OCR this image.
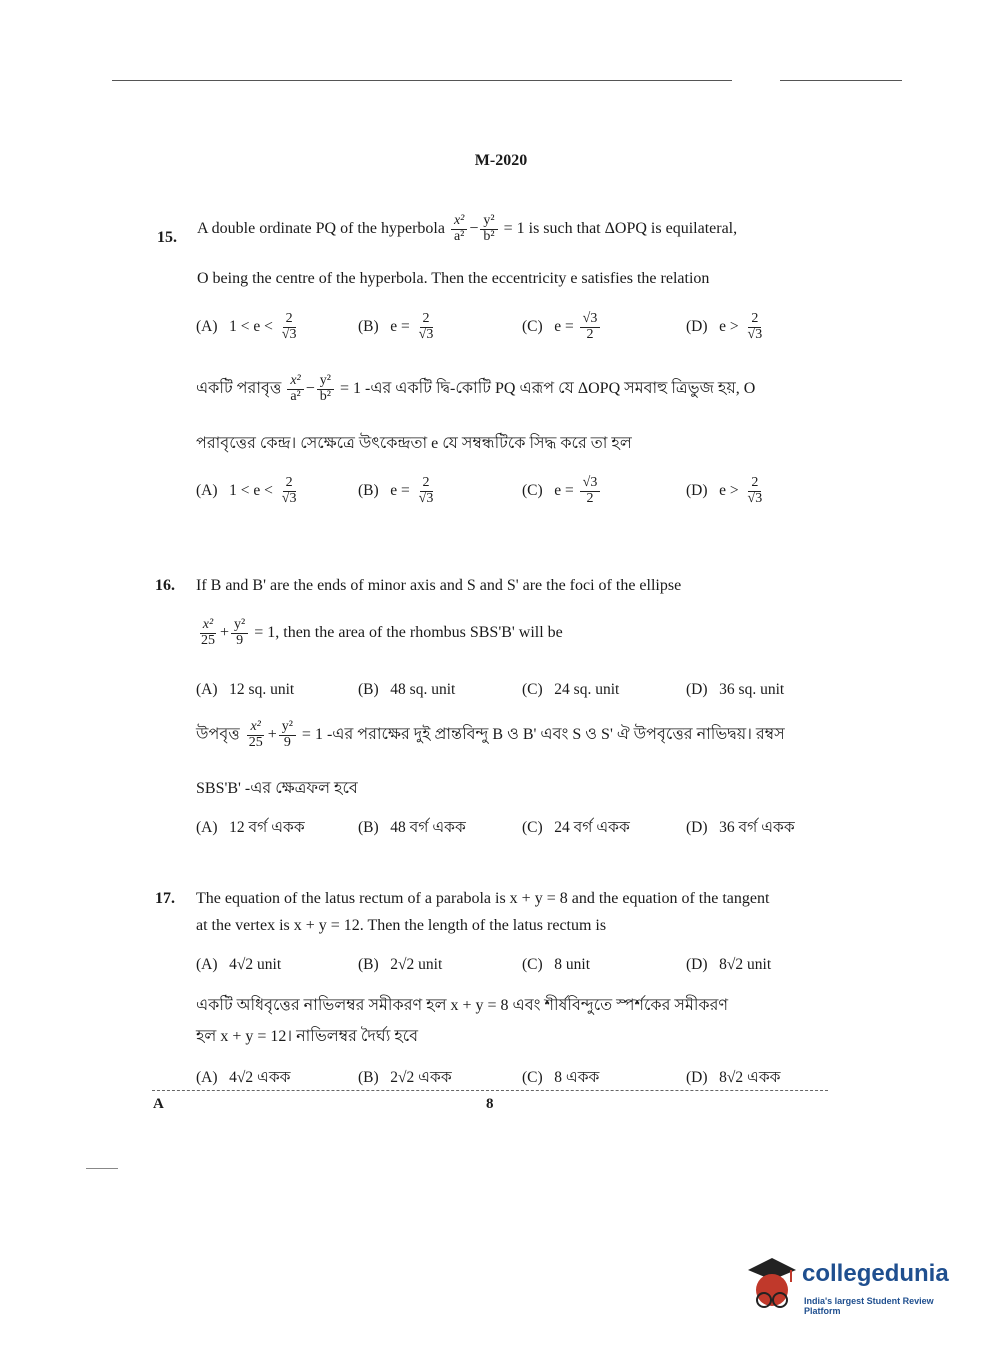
M-2020
15.
A double ordinate PQ of the hyperbola $\frac{\text{x²}}{\text{a²}} - \frac{\text{y²}}{\text{b²}} = 1$ is such that ΔOPQ is equilateral,
O being the centre of the hyperbola. Then the eccentricity e satisfies the relation
(A) $1 < e < \frac{2}{√3}$	(B) $e = \frac{2}{√3}$	(C) $e = \frac{√3}{2}$	(D) $e > \frac{2}{√3}$
একটি পরাবৃত্ত $\frac{\text{x²}}{\text{a²}} - \frac{\text{y²}}{\text{b²}} = 1$ -এর একটি দ্বি-কোটি PQ এরূপ যে ΔOPQ সমবাহু ত্রিভুজ হয়, O
পরাবৃত্তের কেন্দ্র। সেক্ষেত্রে উৎকেন্দ্রতা e যে সম্বন্ধটিকে সিদ্ধ করে তা হল
(A) $1 < e < \frac{2}{√3}$	(B) $e = \frac{2}{√3}$	(C) $e = \frac{√3}{2}$	(D) $e > \frac{2}{√3}$
16. If B and B' are the ends of minor axis and S and S' are the foci of the ellipse
$\frac{\text{x²}}{25} + \frac{\text{y²}}{9} = 1$, then the area of the rhombus SBS'B' will be
(A) 12 sq. unit	(B) 48 sq. unit	(C) 24 sq. unit	(D) 36 sq. unit
উপবৃত্ত $\frac{\text{x²}}{25} + \frac{\text{y²}}{9} = 1$ -এর পরাক্ষের দুই প্রান্তবিন্দু B ও B' এবং S ও S' ঐ উপবৃত্তের নাভিদ্বয়। রম্বস
SBS'B' -এর ক্ষেত্রফল হবে
(A) 12 বর্গ একক	(B) 48 বর্গ একক	(C) 24 বর্গ একক	(D) 36 বর্গ একক
17. The equation of the latus rectum of a parabola is x + y = 8 and the equation of the tangent
at the vertex is x + y = 12. Then the length of the latus rectum is
(A) 4√2 unit	(B) 2√2 unit	(C) 8 unit	(D) 8√2 unit
একটি অধিবৃত্তের নাভিলম্বর সমীকরণ হল x + y = 8 এবং শীর্ষবিন্দুতে স্পর্শকের সমীকরণ
হল x + y = 12। নাভিলম্বর দৈর্ঘ্য হবে
(A) 4√2 একক	(B) 2√2 একক	(C) 8 একক	(D) 8√2 একক
A	8
collegedunia
India's largest Student Review Platform
